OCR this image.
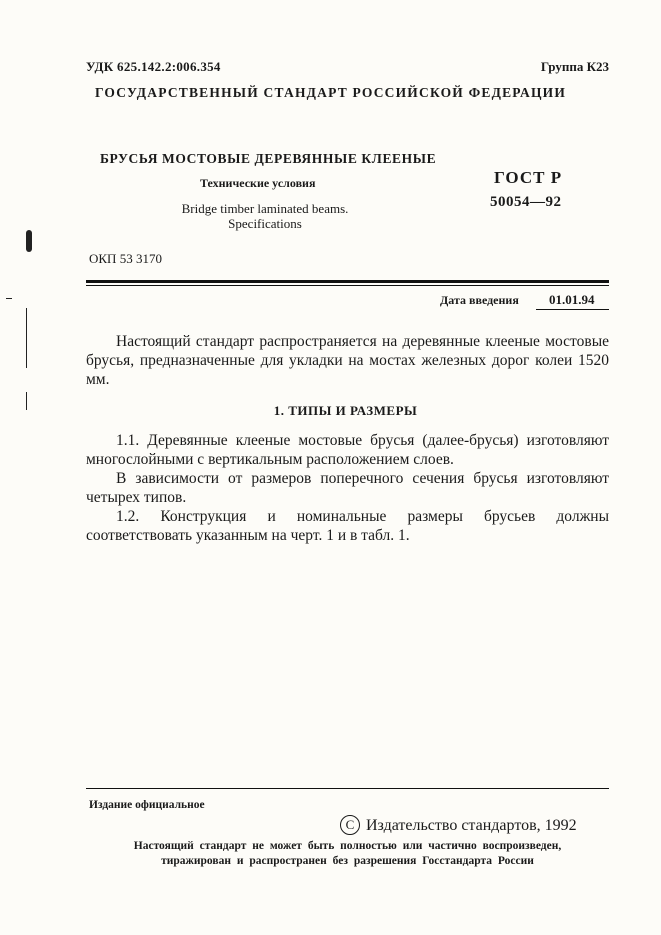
УДК 625.142.2:006.354	Группа К23
ГОСУДАРСТВЕННЫЙ СТАНДАРТ РОССИЙСКОЙ ФЕДЕРАЦИИ
БРУСЬЯ МОСТОВЫЕ ДЕРЕВЯННЫЕ КЛЕЕНЫЕ
Технические условия
Bridge timber laminated beams.
Specifications
ГОСТ Р
50054—92
ОКП 53 3170
Дата введения 01.01.94

Настоящий стандарт распространяется на деревянные клееные мостовые брусья, предназначенные для укладки на мостах железных дорог колеи 1520 мм.

1. ТИПЫ И РАЗМЕРЫ

1.1. Деревянные клееные мостовые брусья (далее-брусья) изготовляют многослойными с вертикальным расположением слоев.

В зависимости от размеров поперечного сечения брусья изготовляют четырех типов.

1.2. Конструкция и номинальные размеры брусьев должны соответствовать указанным на черт. 1 и в табл. 1.

Издание официальное
C Издательство стандартов, 1992
Настоящий стандарт не может быть полностью или частично воспроизведен,
тиражирован и распространен без разрешения Госстандарта России
